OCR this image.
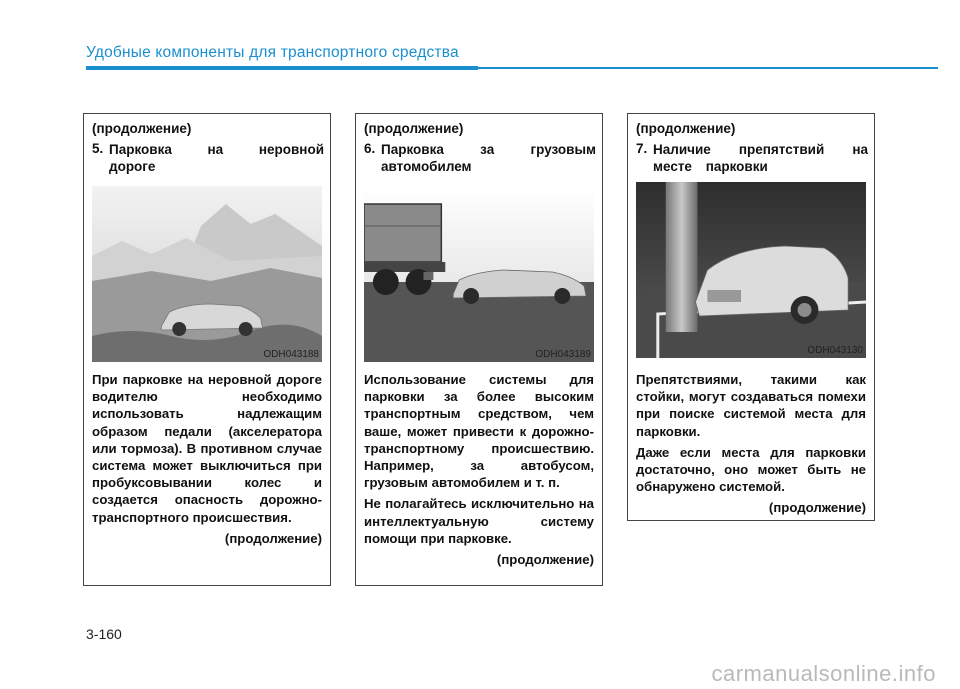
Удобные компоненты для транспортного средства
(продолжение)
5. Парковка на неровной дороге
ODH043188

При парковке на неровной дороге водителю необходимо использовать надлежащим образом педали (акселератора или тормоза). В противном случае система может выключиться при пробуксовывании колес и создается опасность дорожно-транспортного происшествия.

(продолжение)
(продолжение)
6. Парковка за грузовым автомобилем
ODH043189

Использование системы для парковки за более высоким транспортным средством, чем ваше, может привести к дорожно-транспортному происшествию. Например, за автобусом, грузовым автомобилем и т. п.

Не полагайтесь исключительно на интеллектуальную систему помощи при парковке.

(продолжение)
(продолжение)
7. Наличие препятствий на месте парковки
ODH043130

Препятствиями, такими как стойки, могут создаваться помехи при поиске системой места для парковки.

Даже если места для парковки достаточно, оно может быть не обнаружено системой.

(продолжение)
3-160
carmanualsonline.info
